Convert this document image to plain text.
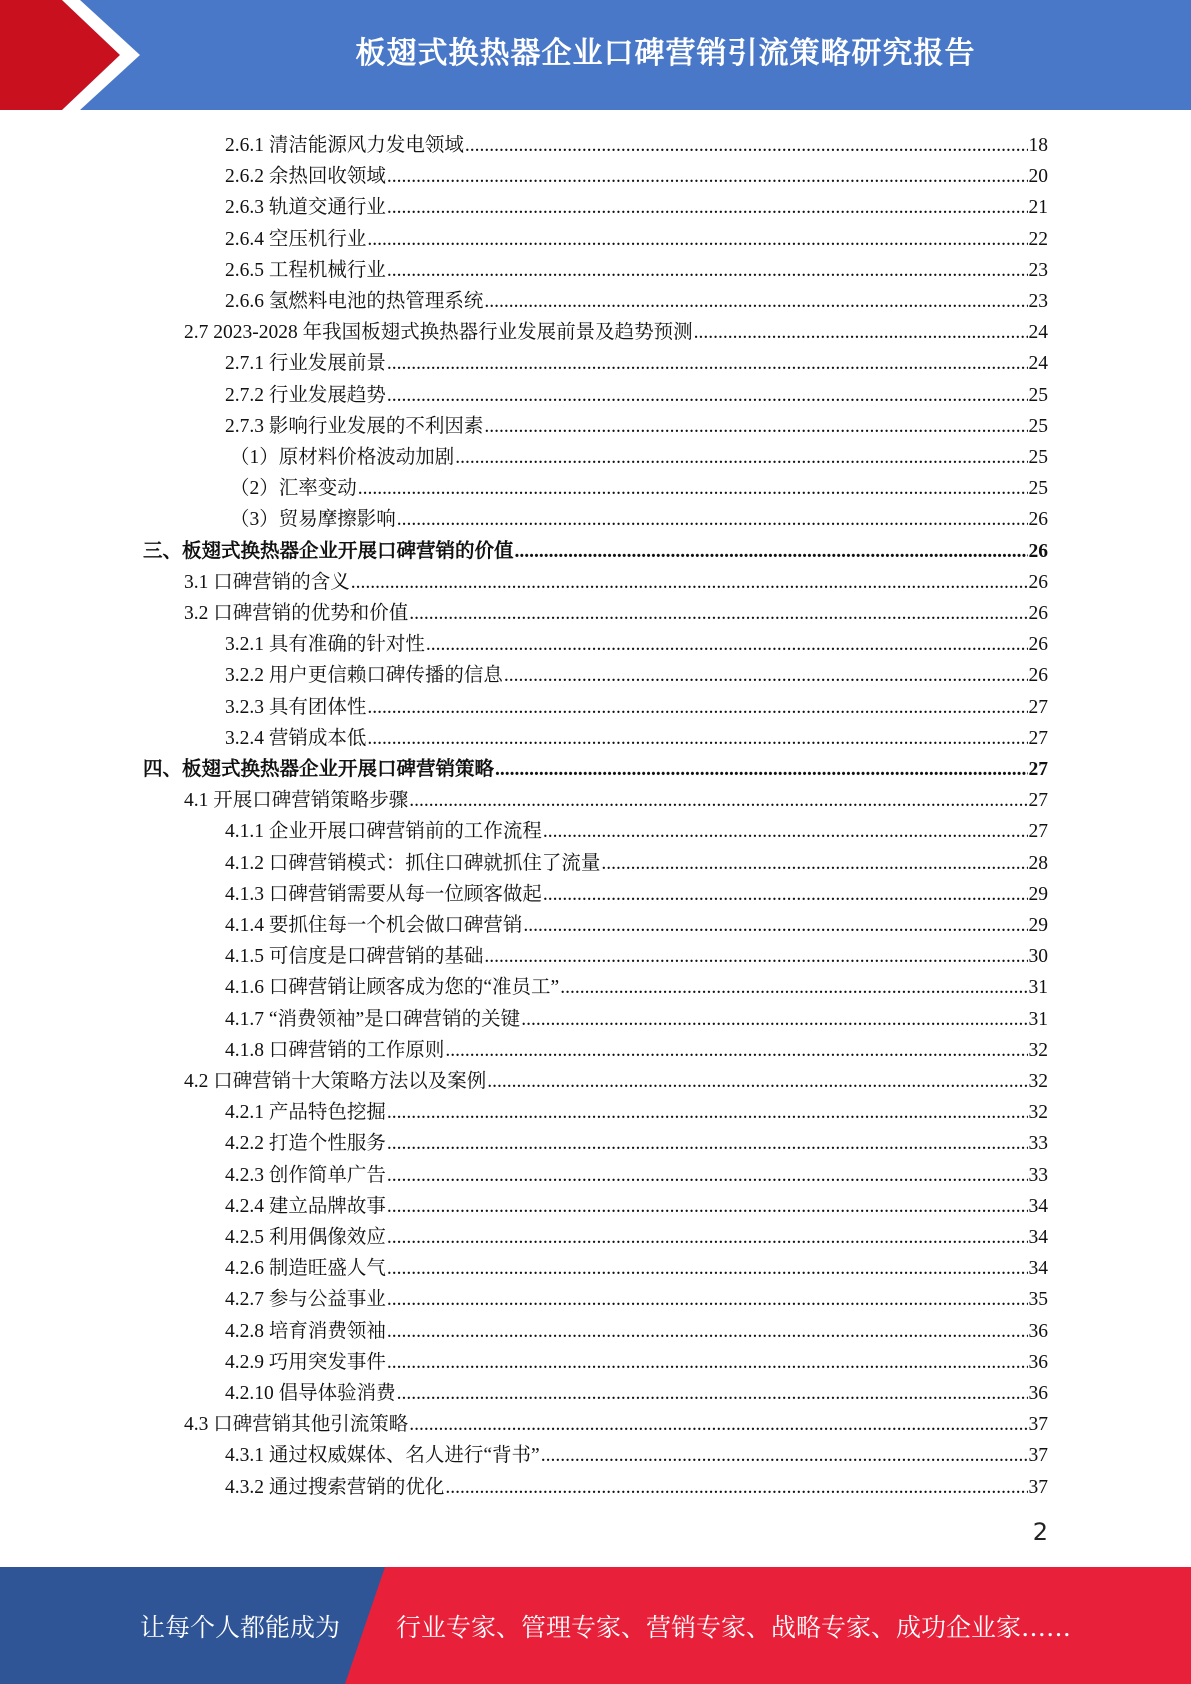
板翅式换热器企业口碑营销引流策略研究报告
2.6.1 清洁能源风力发电领域 .....	18
2.6.2 余热回收领域 .....	20
2.6.3 轨道交通行业 .....	21
2.6.4 空压机行业 .....	22
2.6.5 工程机械行业 .....	23
2.6.6 氢燃料电池的热管理系统 .....	23
2.7 2023-2028 年我国板翅式换热器行业发展前景及趋势预测 .....	24
2.7.1 行业发展前景 .....	24
2.7.2 行业发展趋势 .....	25
2.7.3 影响行业发展的不利因素 .....	25
（1）原材料价格波动加剧 .....	25
（2）汇率变动 .....	25
（3）贸易摩擦影响 .....	26
三、板翅式换热器企业开展口碑营销的价值 .....	26
3.1 口碑营销的含义 .....	26
3.2 口碑营销的优势和价值 .....	26
3.2.1 具有准确的针对性 .....	26
3.2.2 用户更信赖口碑传播的信息 .....	26
3.2.3 具有团体性 .....	27
3.2.4 营销成本低 .....	27
四、板翅式换热器企业开展口碑营销策略 .....	27
4.1 开展口碑营销策略步骤 .....	27
4.1.1 企业开展口碑营销前的工作流程 .....	27
4.1.2 口碑营销模式：抓住口碑就抓住了流量 .....	28
4.1.3 口碑营销需要从每一位顾客做起 .....	29
4.1.4 要抓住每一个机会做口碑营销 .....	29
4.1.5 可信度是口碑营销的基础 .....	30
4.1.6 口碑营销让顾客成为您的“准员工” .....	31
4.1.7 “消费领袖”是口碑营销的关键 .....	31
4.1.8 口碑营销的工作原则 .....	32
4.2 口碑营销十大策略方法以及案例 .....	32
4.2.1 产品特色挖掘 .....	32
4.2.2 打造个性服务 .....	33
4.2.3 创作简单广告 .....	33
4.2.4 建立品牌故事 .....	34
4.2.5 利用偶像效应 .....	34
4.2.6 制造旺盛人气 .....	34
4.2.7 参与公益事业 .....	35
4.2.8 培育消费领袖 .....	36
4.2.9 巧用突发事件 .....	36
4.2.10 倡导体验消费 .....	36
4.3 口碑营销其他引流策略 .....	37
4.3.1 通过权威媒体、名人进行“背书” .....	37
4.3.2 通过搜索营销的优化 .....	37
2
让每个人都能成为 行业专家、管理专家、营销专家、战略专家、成功企业家……
